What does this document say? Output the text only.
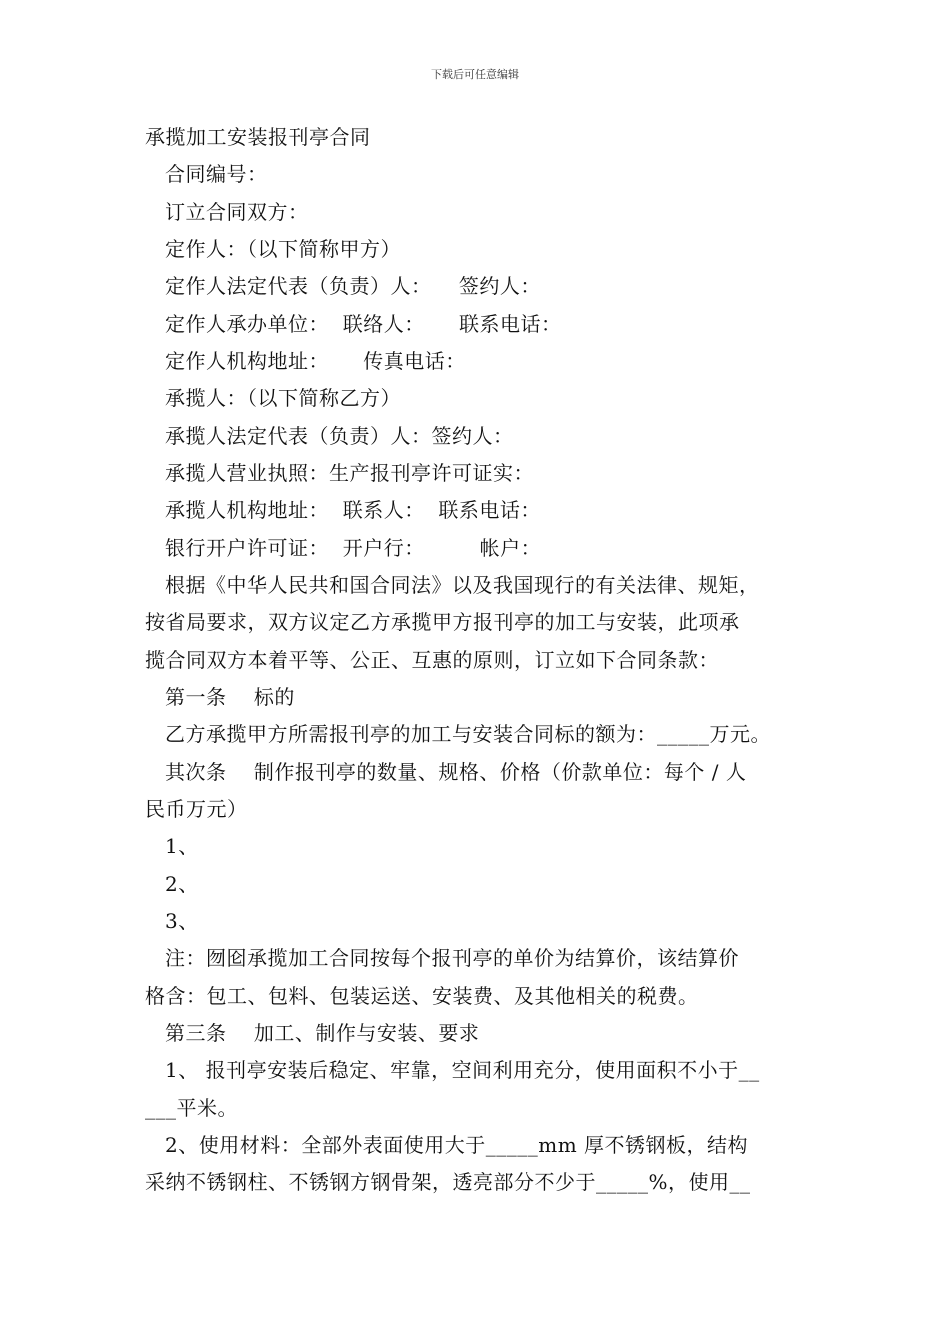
下载后可任意编辑
承揽加工安装报刊亭合同
合同编号：
订立合同双方：
定作人：（以下简称甲方）
定作人法定代表（负责）人：    签约人：
定作人承办单位：  联络人：     联系电话：
定作人机构地址：     传真电话：
承揽人：（以下简称乙方）
承揽人法定代表（负责）人：签约人：
承揽人营业执照：生产报刊亭许可证实：
承揽人机构地址：  联系人：  联系电话：
银行开户许可证：  开户行：        帐户：
根据《中华人民共和国合同法》以及我国现行的有关法律、规矩，
按省局要求，双方议定乙方承揽甲方报刊亭的加工与安装，此项承
揽合同双方本着平等、公正、互惠的原则，订立如下合同条款：
第一条    标的
乙方承揽甲方所需报刊亭的加工与安装合同标的额为：_____万元。
其次条    制作报刊亭的数量、规格、价格（价款单位：每个 / 人
民币万元）
1、
2、
3、
注：囫囵承揽加工合同按每个报刊亭的单价为结算价，该结算价
格含：包工、包料、包装运送、安装费、及其他相关的税费。
第三条    加工、制作与安装、要求
1、 报刊亭安装后稳定、牢靠，空间利用充分，使用面积不小于__
___平米。
2、使用材料：全部外表面使用大于_____mm 厚不锈钢板，结构
采纳不锈钢柱、不锈钢方钢骨架，透亮部分不少于_____%，使用__
